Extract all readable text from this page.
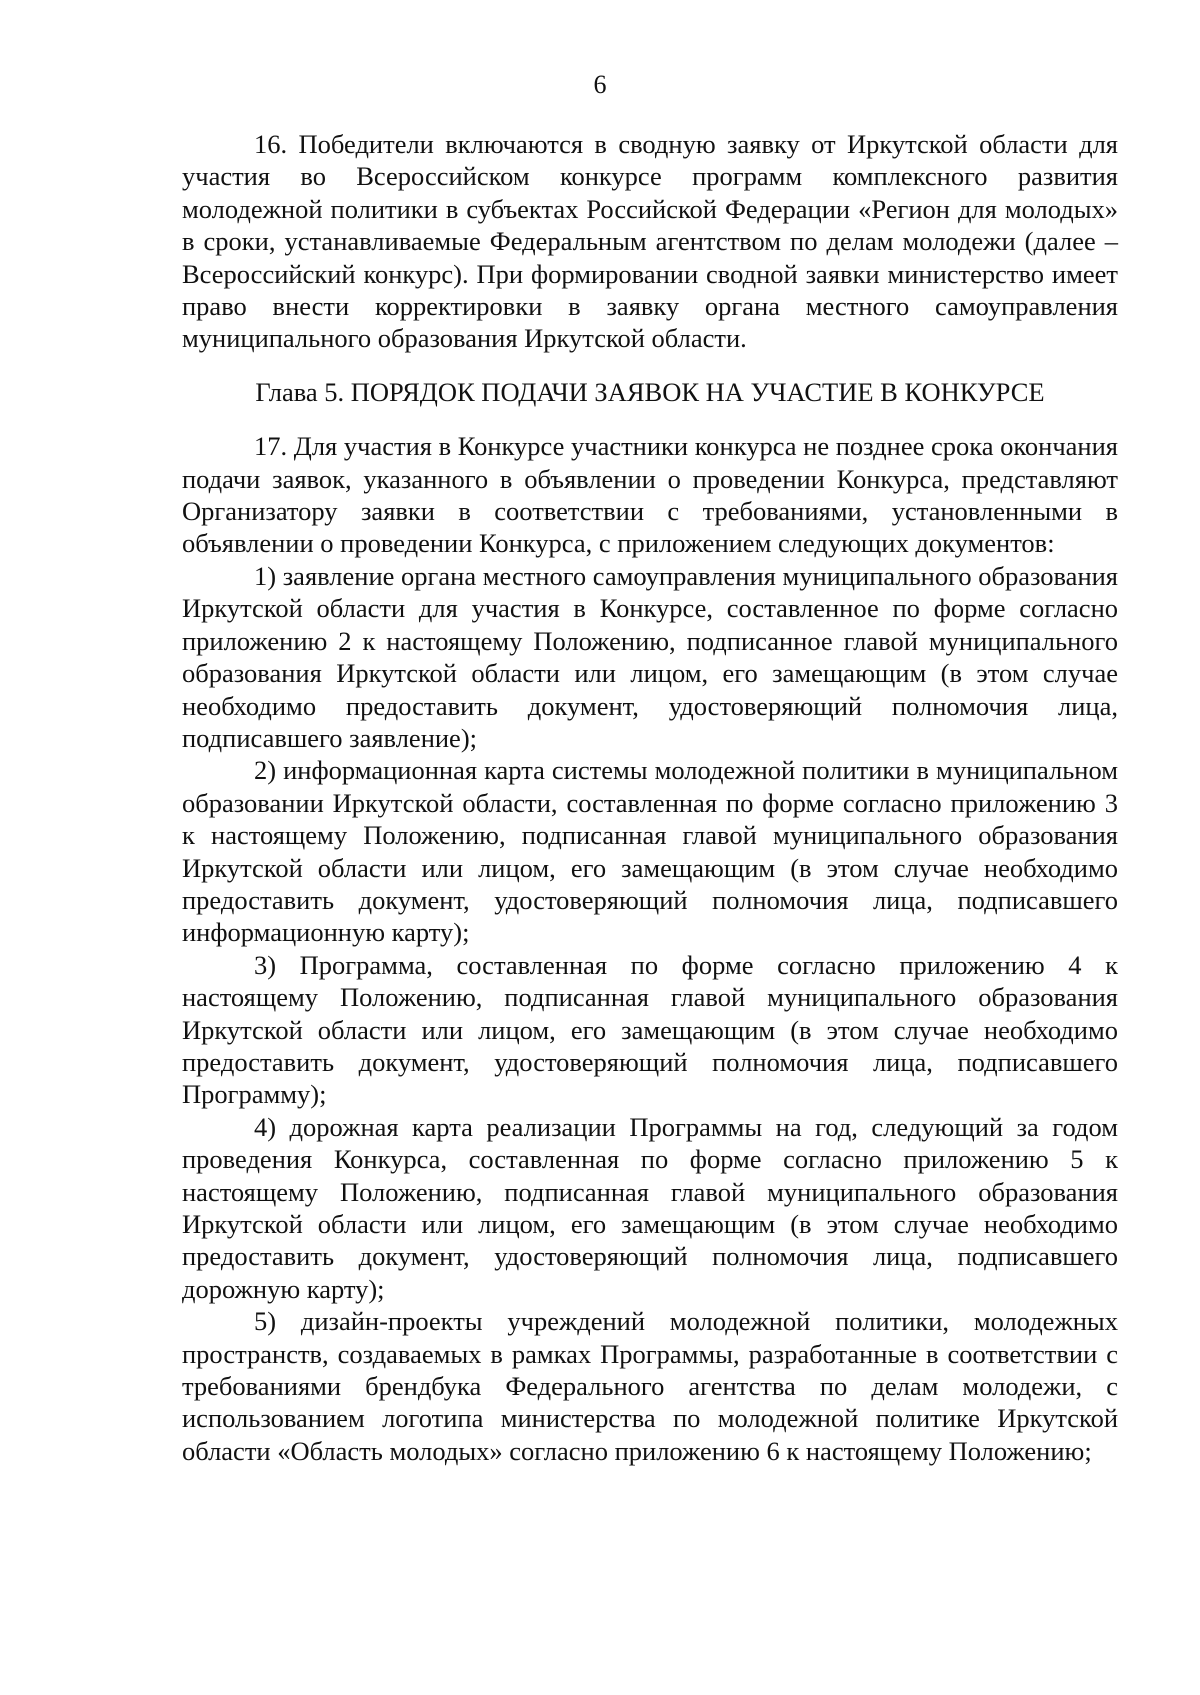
6

16. Победители включаются в сводную заявку от Иркутской области для участия во Всероссийском конкурсе программ комплексного развития молодежной политики в субъектах Российской Федерации «Регион для молодых» в сроки, устанавливаемые Федеральным агентством по делам молодежи (далее – Всероссийский конкурс). При формировании сводной заявки министерство имеет право внести корректировки в заявку органа местного самоуправления муниципального образования Иркутской области.

Глава 5. ПОРЯДОК ПОДАЧИ ЗАЯВОК НА УЧАСТИЕ В КОНКУРСЕ

17. Для участия в Конкурсе участники конкурса не позднее срока окончания подачи заявок, указанного в объявлении о проведении Конкурса, представляют Организатору заявки в соответствии с требованиями, установленными в объявлении о проведении Конкурса, с приложением следующих документов:

1) заявление органа местного самоуправления муниципального образования Иркутской области для участия в Конкурсе, составленное по форме согласно приложению 2 к настоящему Положению, подписанное главой муниципального образования Иркутской области или лицом, его замещающим (в этом случае необходимо предоставить документ, удостоверяющий полномочия лица, подписавшего заявление);

2) информационная карта системы молодежной политики в муниципальном образовании Иркутской области, составленная по форме согласно приложению 3 к настоящему Положению, подписанная главой муниципального образования Иркутской области или лицом, его замещающим (в этом случае необходимо предоставить документ, удостоверяющий полномочия лица, подписавшего информационную карту);

3) Программа, составленная по форме согласно приложению 4 к настоящему Положению, подписанная главой муниципального образования Иркутской области или лицом, его замещающим (в этом случае необходимо предоставить документ, удостоверяющий полномочия лица, подписавшего Программу);

4) дорожная карта реализации Программы на год, следующий за годом проведения Конкурса, составленная по форме согласно приложению 5 к настоящему Положению, подписанная главой муниципального образования Иркутской области или лицом, его замещающим (в этом случае необходимо предоставить документ, удостоверяющий полномочия лица, подписавшего дорожную карту);

5) дизайн-проекты учреждений молодежной политики, молодежных пространств, создаваемых в рамках Программы, разработанные в соответствии с требованиями брендбука Федерального агентства по делам молодежи, с использованием логотипа министерства по молодежной политике Иркутской области «Область молодых» согласно приложению 6 к настоящему Положению;
